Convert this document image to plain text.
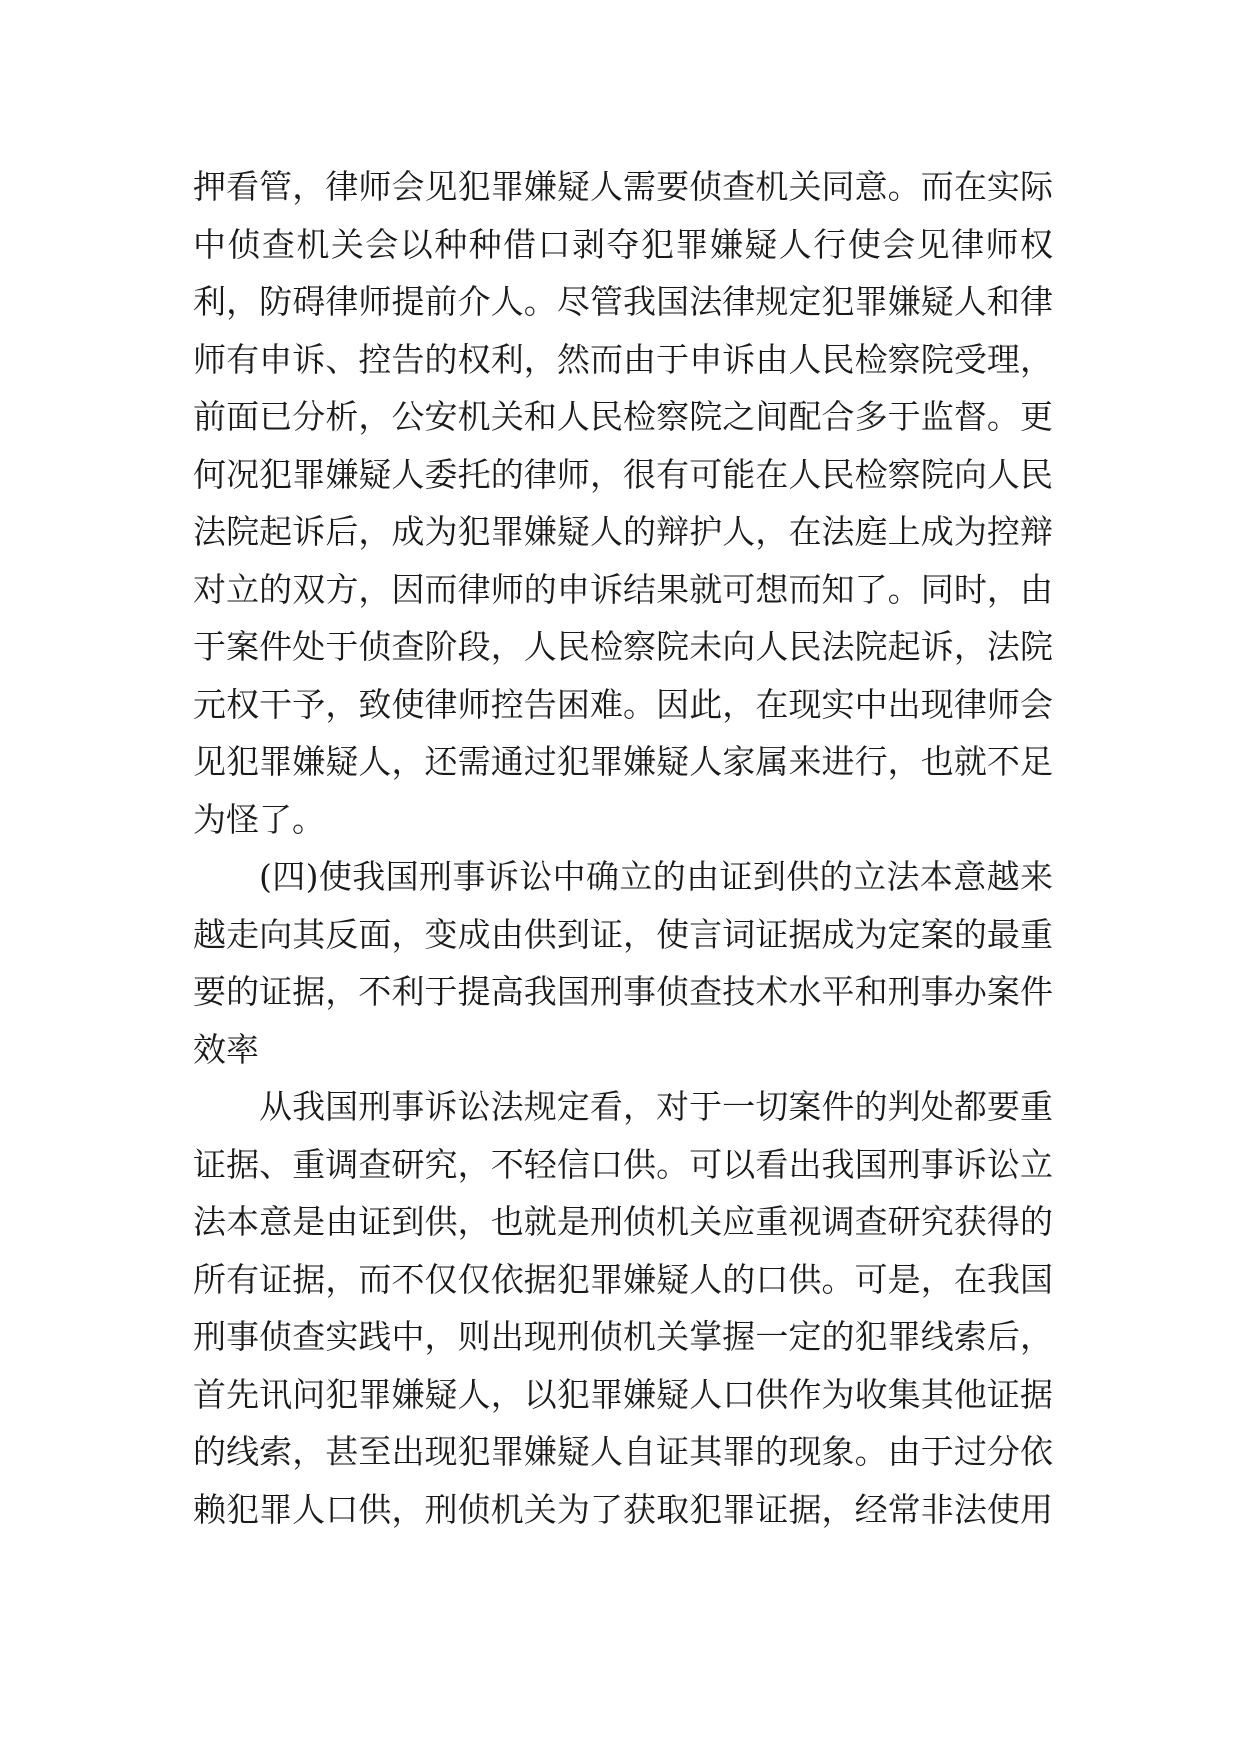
押看管，律师会见犯罪嫌疑人需要侦查机关同意。而在实际
中侦查机关会以种种借口剥夺犯罪嫌疑人行使会见律师权
利，防碍律师提前介人。尽管我国法律规定犯罪嫌疑人和律
师有申诉、控告的权利，然而由于申诉由人民检察院受理，
前面已分析，公安机关和人民检察院之间配合多于监督。更
何况犯罪嫌疑人委托的律师，很有可能在人民检察院向人民
法院起诉后，成为犯罪嫌疑人的辩护人，在法庭上成为控辩
对立的双方，因而律师的申诉结果就可想而知了。同时，由
于案件处于侦查阶段，人民检察院未向人民法院起诉，法院
元权干予，致使律师控告困难。因此，在现实中出现律师会
见犯罪嫌疑人，还需通过犯罪嫌疑人家属来进行，也就不足
为怪了。
(四)使我国刑事诉讼中确立的由证到供的立法本意越来
越走向其反面，变成由供到证，使言词证据成为定案的最重
要的证据，不利于提高我国刑事侦查技术水平和刑事办案件
效率
从我国刑事诉讼法规定看，对于一切案件的判处都要重
证据、重调查研究，不轻信口供。可以看出我国刑事诉讼立
法本意是由证到供，也就是刑侦机关应重视调查研究获得的
所有证据，而不仅仅依据犯罪嫌疑人的口供。可是，在我国
刑事侦查实践中，则出现刑侦机关掌握一定的犯罪线索后，
首先讯问犯罪嫌疑人，以犯罪嫌疑人口供作为收集其他证据
的线索，甚至出现犯罪嫌疑人自证其罪的现象。由于过分依
赖犯罪人口供，刑侦机关为了获取犯罪证据，经常非法使用
